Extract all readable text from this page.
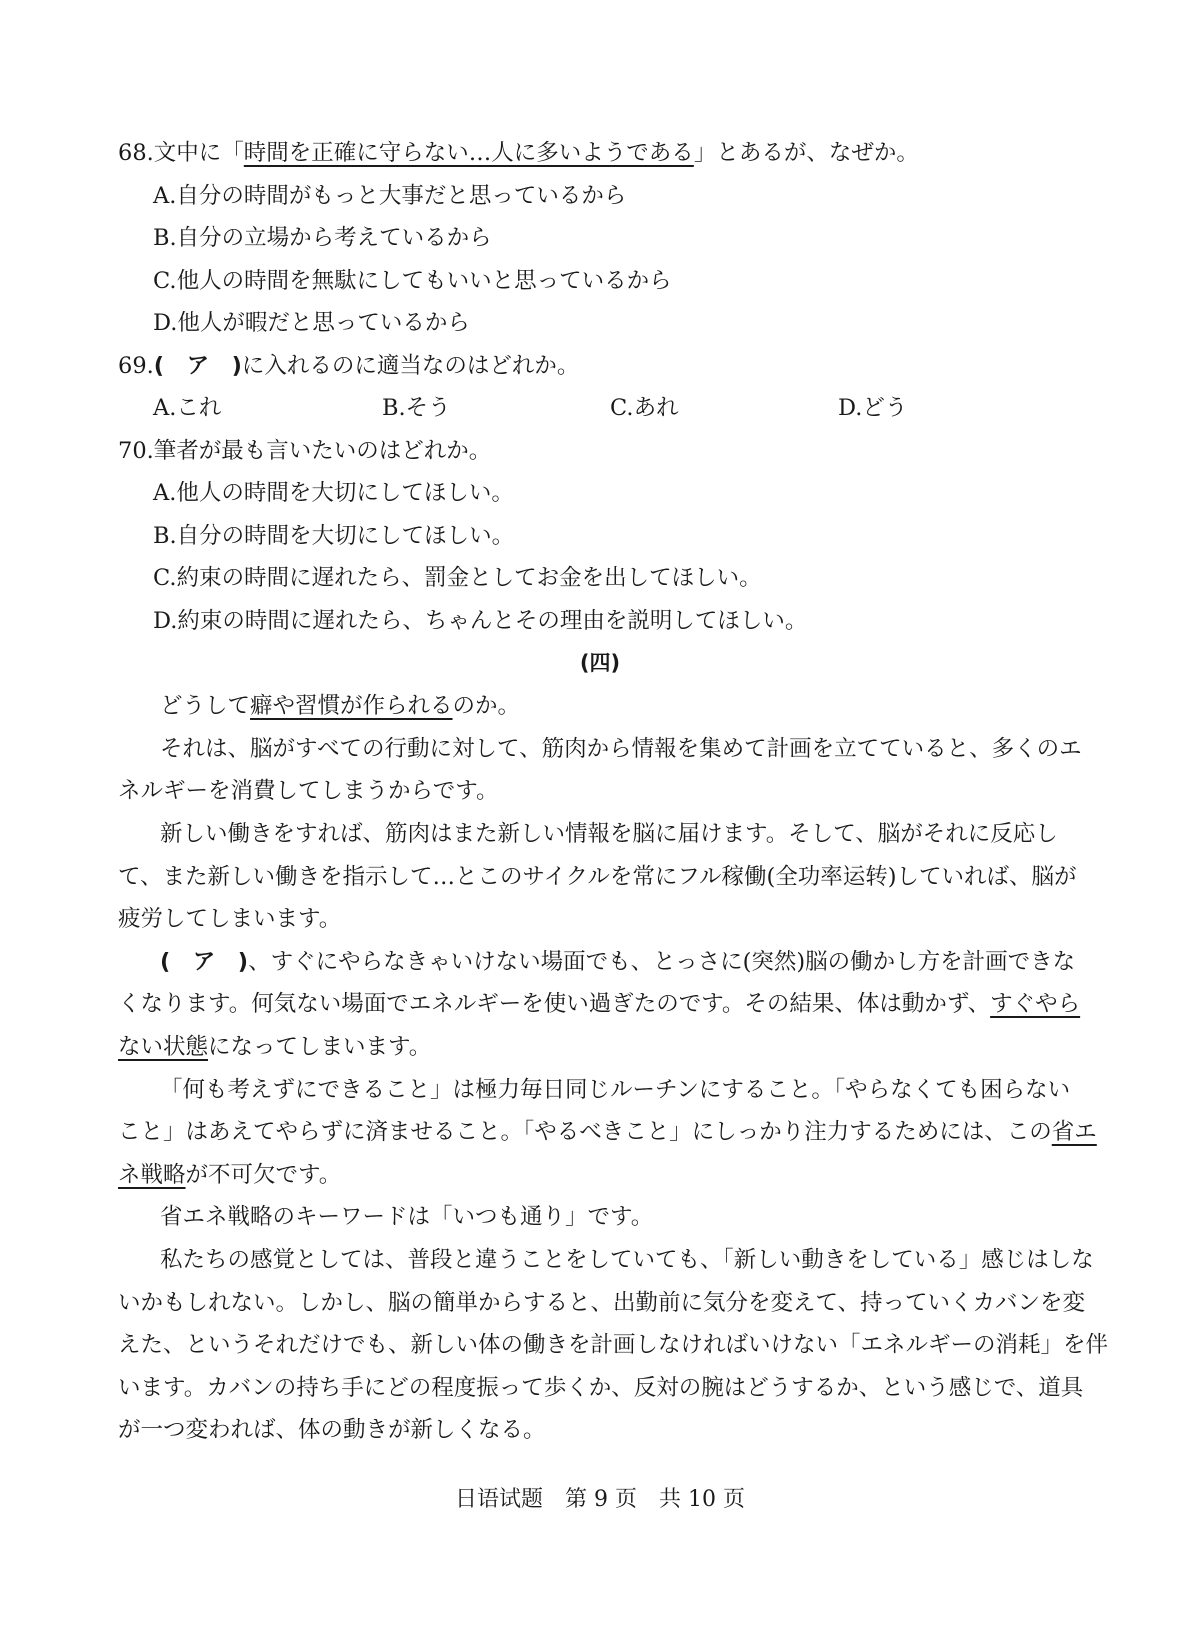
68.文中に「時間を正確に守らない…人に多いようである」とあるが、なぜか。
A.自分の時間がもっと大事だと思っているから
B.自分の立場から考えているから
C.他人の時間を無駄にしてもいいと思っているから
D.他人が暇だと思っているから
69.(　ア　)に入れるのに適当なのはどれか。
A.これ	B.そう	C.あれ	D.どう
70.筆者が最も言いたいのはどれか。
A.他人の時間を大切にしてほしい。
B.自分の時間を大切にしてほしい。
C.約束の時間に遅れたら、罰金としてお金を出してほしい。
D.約束の時間に遅れたら、ちゃんとその理由を説明してほしい。
(四)
どうして癖や習慣が作られるのか。
それは、脳がすべての行動に対して、筋肉から情報を集めて計画を立てていると、多くのエ
ネルギーを消費してしまうからです。
新しい働きをすれば、筋肉はまた新しい情報を脳に届けます。そして、脳がそれに反応し
て、また新しい働きを指示して…とこのサイクルを常にフル稼働(全功率运转)していれば、脳が
疲労してしまいます。
(　ア　)、すぐにやらなきゃいけない場面でも、とっさに(突然)脳の働かし方を計画できな
くなります。何気ない場面でエネルギーを使い過ぎたのです。その結果、体は動かず、すぐやら
ない状態になってしまいます。
「何も考えずにできること」は極力毎日同じルーチンにすること。「やらなくても困らない
こと」はあえてやらずに済ませること。「やるべきこと」にしっかり注力するためには、この省エ
ネ戦略が不可欠です。
省エネ戦略のキーワードは「いつも通り」です。
私たちの感覚としては、普段と違うことをしていても、「新しい動きをしている」感じはしな
いかもしれない。しかし、脳の簡単からすると、出勤前に気分を変えて、持っていくカバンを変
えた、というそれだけでも、新しい体の働きを計画しなければいけない「エネルギーの消耗」を伴
います。カバンの持ち手にどの程度振って歩くか、反対の腕はどうするか、という感じで、道具
が一つ変われば、体の動きが新しくなる。
日语试题　第 9 页　共 10 页
